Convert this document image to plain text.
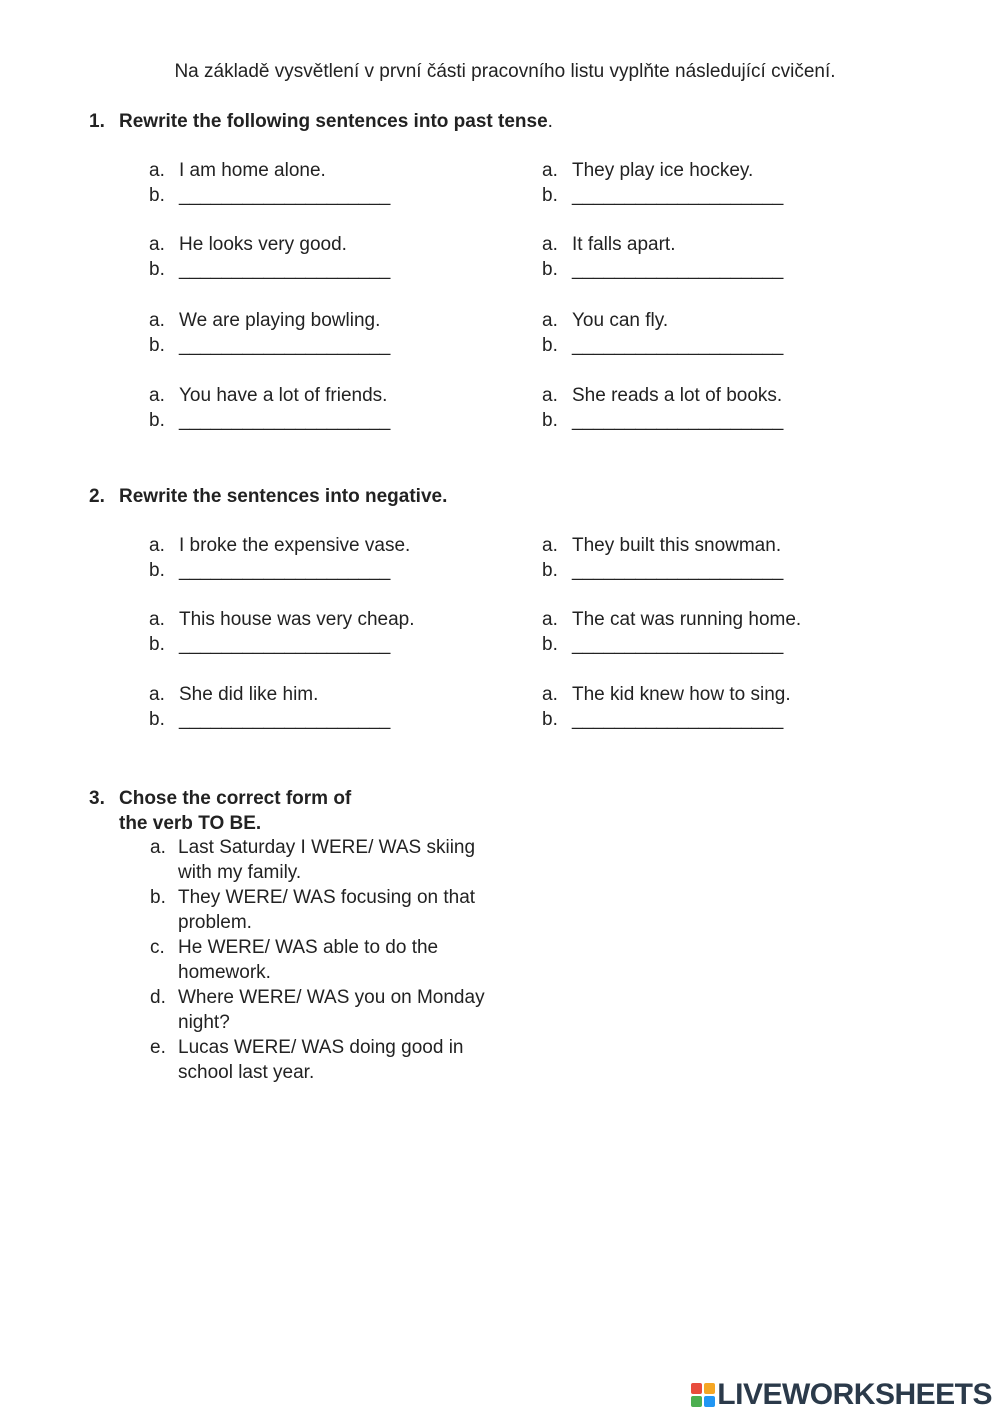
Na základě vysvětlení v první části pracovního listu vyplňte následující cvičení.
1. Rewrite the following sentences into past tense.
a. I am home alone.
b. ____________________
a. He looks very good.
b. ____________________
a. We are playing bowling.
b. ____________________
a. You have a lot of friends.
b. ____________________
a. They play ice hockey.
b. ____________________
a. It falls apart.
b. ____________________
a. You can fly.
b. ____________________
a. She reads a lot of books.
b. ____________________
2. Rewrite the sentences into negative.
a. I broke the expensive vase.
b. ____________________
a. This house was very cheap.
b. ____________________
a. She did like him.
b. ____________________
a. They built this snowman.
b. ____________________
a. The cat was running home.
b. ____________________
a. The kid knew how to sing.
b. ____________________
3. Chose the correct form of
the verb TO BE.
a. Last Saturday I WERE/ WAS skiing with my family.
b. They WERE/ WAS focusing on that problem.
c. He WERE/ WAS able to do the homework.
d. Where WERE/ WAS you on Monday night?
e. Lucas WERE/ WAS doing good in school last year.
LIVEWORKSHEETS
